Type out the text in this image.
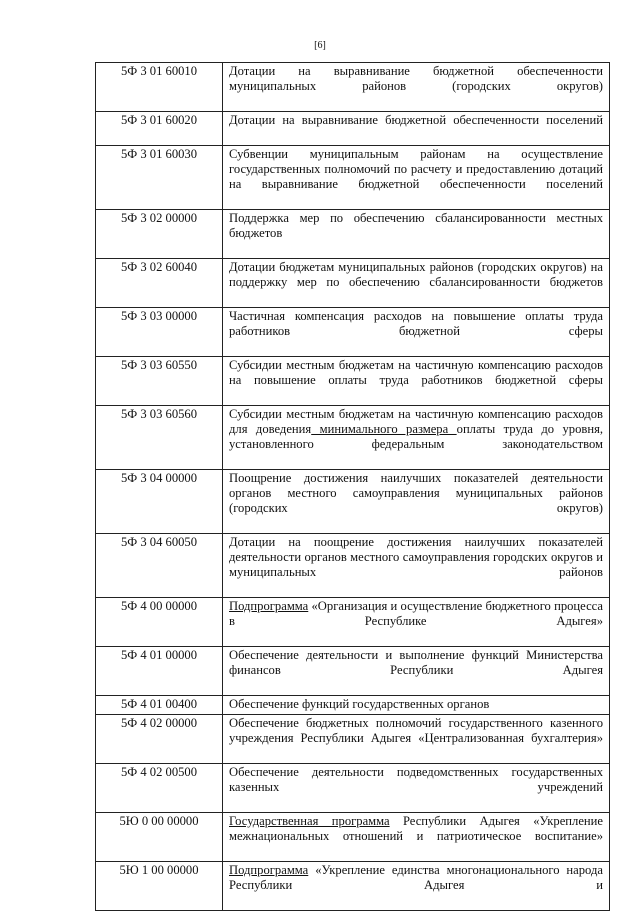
[6]
5Ф 3 01 60010	Дотации на выравнивание бюджетной обеспеченности муниципальных районов (городских округов)
5Ф 3 01 60020	Дотации на выравнивание бюджетной обеспеченности поселений
5Ф 3 01 60030	Субвенции муниципальным районам на осуществление государственных полномочий по расчету и предоставлению дотаций на выравнивание бюджетной обеспеченности поселений
5Ф 3 02 00000	Поддержка мер по обеспечению сбалансированности местных бюджетов
5Ф 3 02 60040	Дотации бюджетам муниципальных районов (городских округов) на поддержку мер по обеспечению сбалансированности бюджетов
5Ф 3 03 00000	Частичная компенсация расходов на повышение оплаты труда работников бюджетной сферы
5Ф 3 03 60550	Субсидии местным бюджетам на частичную компенсацию расходов на повышение оплаты труда работников бюджетной сферы
5Ф 3 03 60560	Субсидии местным бюджетам на частичную компенсацию расходов для доведения минимального размера оплаты труда до уровня, установленного федеральным законодательством
5Ф 3 04 00000	Поощрение достижения наилучших показателей деятельности органов местного самоуправления муниципальных районов (городских округов)
5Ф 3 04 60050	Дотации на поощрение достижения наилучших показателей деятельности органов местного самоуправления городских округов и муниципальных районов
5Ф 4 00 00000	Подпрограмма «Организация и осуществление бюджетного процесса в Республике Адыгея»
5Ф 4 01 00000	Обеспечение деятельности и выполнение функций Министерства финансов Республики Адыгея
5Ф 4 01 00400	Обеспечение функций государственных органов
5Ф 4 02 00000	Обеспечение бюджетных полномочий государственного казенного учреждения Республики Адыгея «Централизованная бухгалтерия»
5Ф 4 02 00500	Обеспечение деятельности подведомственных государственных казенных учреждений
5Ю 0 00 00000	Государственная программа Республики Адыгея «Укрепление межнациональных отношений и патриотическое воспитание»
5Ю 1 00 00000	Подпрограмма «Укрепление единства многонационального народа Республики Адыгея и
